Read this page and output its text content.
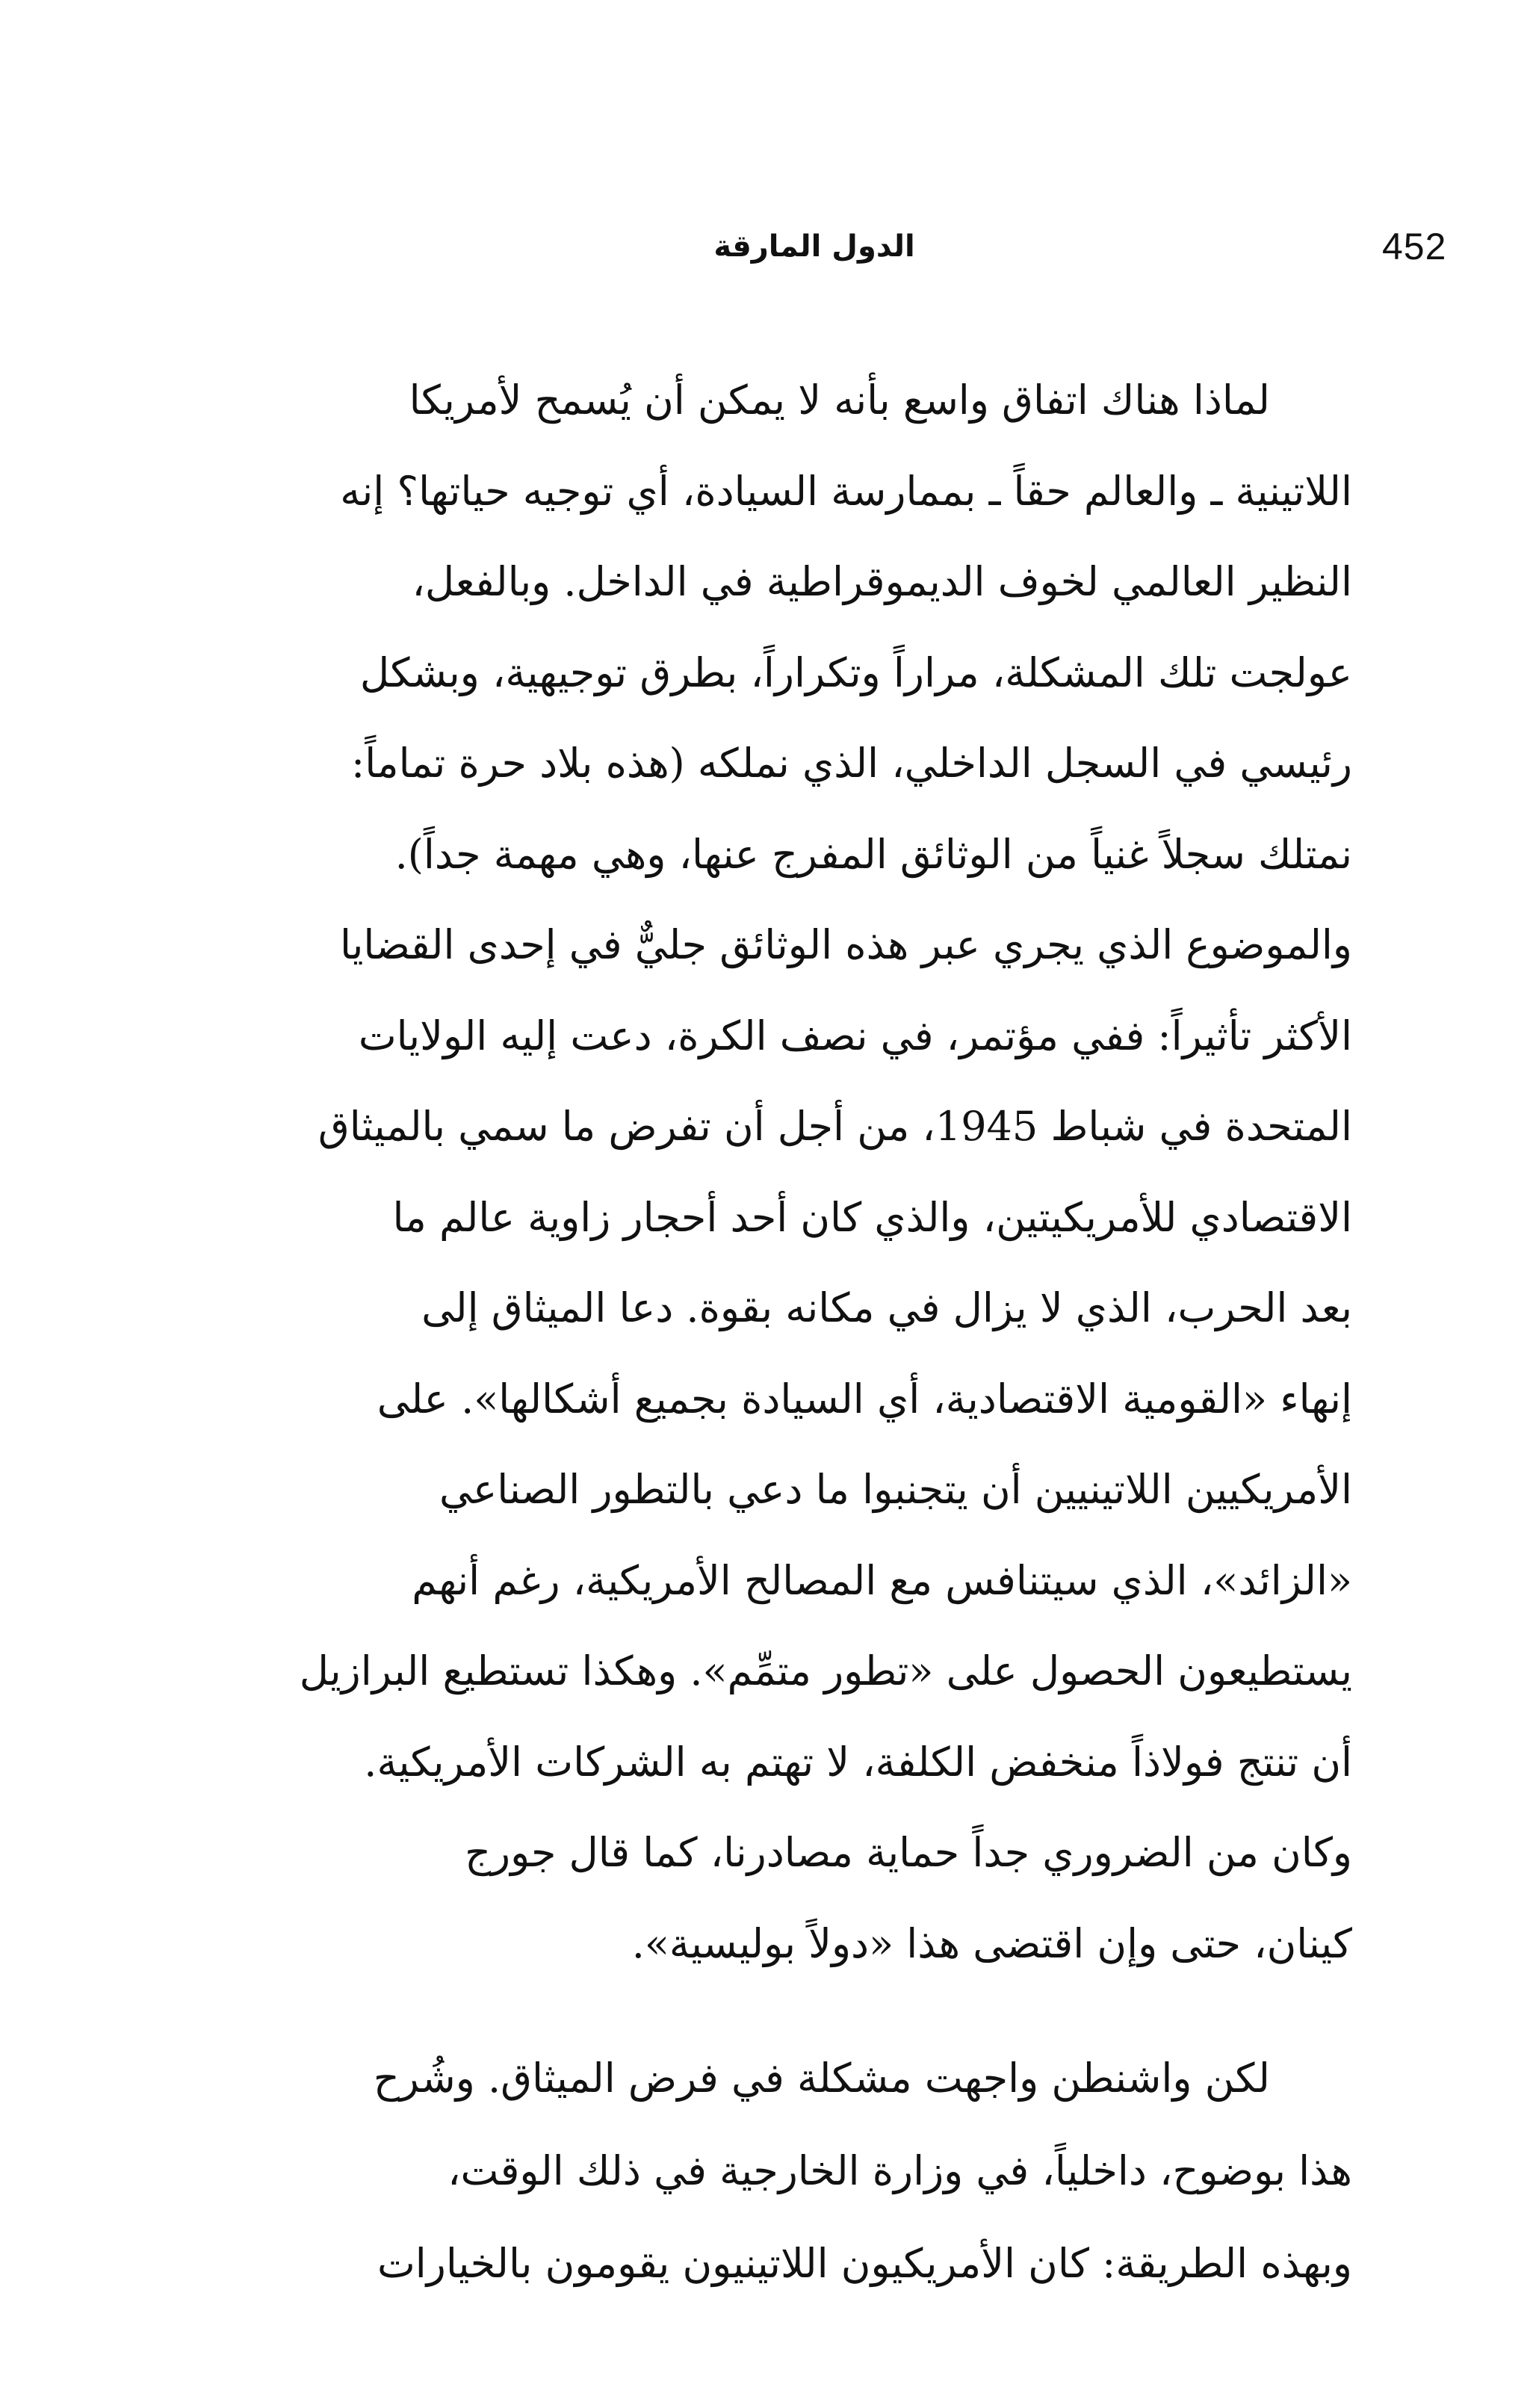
452
الدول المارقة

لماذا هناك اتفاق واسع بأنه لا يمكن أن يُسمح لأمريكا
اللاتينية ـ والعالم حقاً ـ بممارسة السيادة، أي توجيه حياتها؟ إنه
النظير العالمي لخوف الديموقراطية في الداخل. وبالفعل،
عولجت تلك المشكلة، مراراً وتكراراً، بطرق توجيهية، وبشكل
رئيسي في السجل الداخلي، الذي نملكه (هذه بلاد حرة تماماً:
نمتلك سجلاً غنياً من الوثائق المفرج عنها، وهي مهمة جداً).
والموضوع الذي يجري عبر هذه الوثائق جليٌّ في إحدى القضايا
الأكثر تأثيراً: ففي مؤتمر، في نصف الكرة، دعت إليه الولايات
المتحدة في شباط 1945، من أجل أن تفرض ما سمي بالميثاق
الاقتصادي للأمريكيتين، والذي كان أحد أحجار زاوية عالم ما
بعد الحرب، الذي لا يزال في مكانه بقوة. دعا الميثاق إلى
إنهاء «القومية الاقتصادية، أي السيادة بجميع أشكالها». على
الأمريكيين اللاتينيين أن يتجنبوا ما دعي بالتطور الصناعي
«الزائد»، الذي سيتنافس مع المصالح الأمريكية، رغم أنهم
يستطيعون الحصول على «تطور متمِّم». وهكذا تستطيع البرازيل
أن تنتج فولاذاً منخفض الكلفة، لا تهتم به الشركات الأمريكية.
وكان من الضروري جداً حماية مصادرنا، كما قال جورج
كينان، حتى وإن اقتضى هذا «دولاً بوليسية».

لكن واشنطن واجهت مشكلة في فرض الميثاق. وشُرح
هذا بوضوح، داخلياً، في وزارة الخارجية في ذلك الوقت،
وبهذه الطريقة: كان الأمريكيون اللاتينيون يقومون بالخيارات
